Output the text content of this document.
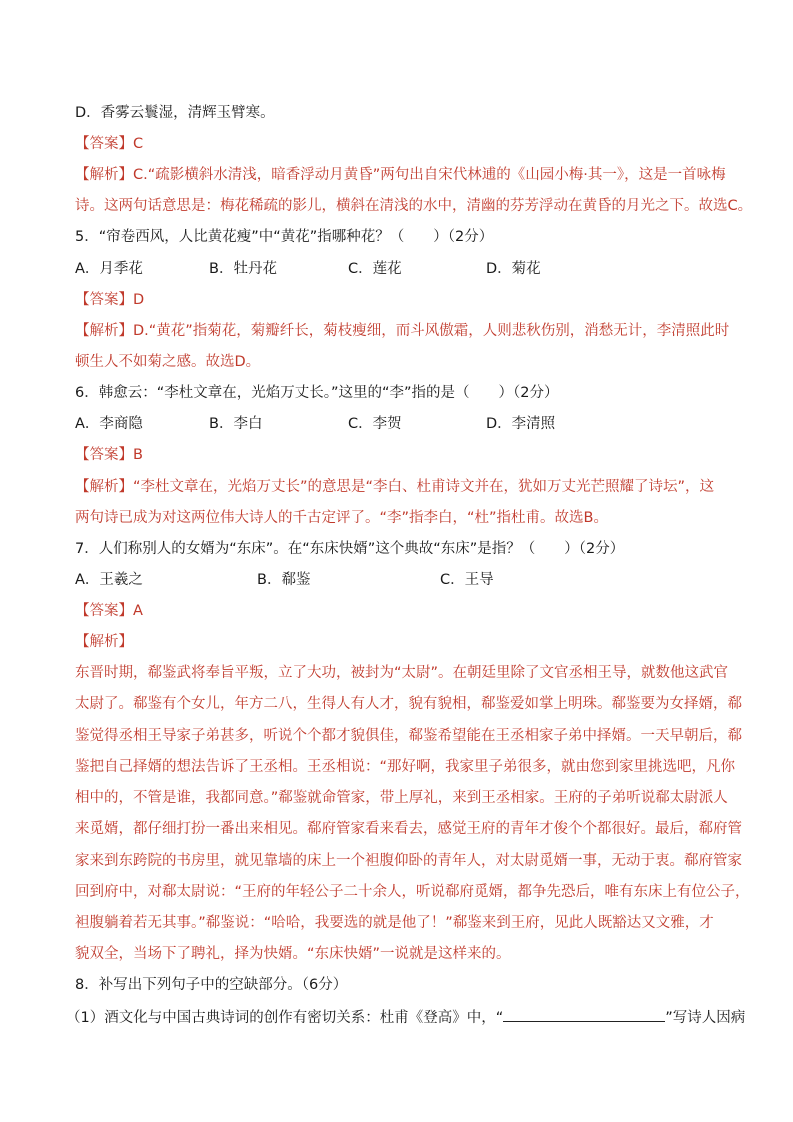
D．香雾云鬟湿，清辉玉臂寒。
【答案】C
【解析】C.“疏影横斜水清浅，暗香浮动月黄昏”两句出自宋代林逋的《山园小梅·其一》，这是一首咏梅
诗。这两句话意思是：梅花稀疏的影儿，横斜在清浅的水中，清幽的芬芳浮动在黄昏的月光之下。故选C。
5．“帘卷西风，人比黄花瘦”中“黄花”指哪种花？（　　）（2分）
A．月季花	B．牡丹花	C．莲花	D．菊花
【答案】D
【解析】D.“黄花”指菊花，菊瓣纤长，菊枝瘦细，而斗风傲霜，人则悲秋伤别，消愁无计，李清照此时
顿生人不如菊之感。故选D。
6．韩愈云：“李杜文章在，光焰万丈长。”这里的“李”指的是（　　）（2分）
A．李商隐	B．李白	C．李贺	D．李清照
【答案】B
【解析】“李杜文章在，光焰万丈长”的意思是“李白、杜甫诗文并在，犹如万丈光芒照耀了诗坛”，这
两句诗已成为对这两位伟大诗人的千古定评了。“李”指李白，“杜”指杜甫。故选B。
7．人们称别人的女婿为“东床”。在“东床快婿”这个典故“东床”是指？（　　）（2分）
A．王羲之	B．郗鉴	C．王导
【答案】A
【解析】
东晋时期，郗鉴武将奉旨平叛，立了大功，被封为“太尉”。在朝廷里除了文官丞相王导，就数他这武官
太尉了。郗鉴有个女儿，年方二八，生得人有人才，貌有貌相，郗鉴爱如掌上明珠。郗鉴要为女择婿，郗
鉴觉得丞相王导家子弟甚多，听说个个都才貌俱佳，郗鉴希望能在王丞相家子弟中择婿。一天早朝后，郗
鉴把自己择婿的想法告诉了王丞相。王丞相说：“那好啊，我家里子弟很多，就由您到家里挑选吧，凡你
相中的，不管是谁，我都同意。”郗鉴就命管家，带上厚礼，来到王丞相家。王府的子弟听说郗太尉派人
来觅婿，都仔细打扮一番出来相见。郗府管家看来看去，感觉王府的青年才俊个个都很好。最后，郗府管
家来到东跨院的书房里，就见靠墙的床上一个袒腹仰卧的青年人，对太尉觅婿一事，无动于衷。郗府管家
回到府中，对郗太尉说：“王府的年轻公子二十余人，听说郗府觅婿，都争先恐后，唯有东床上有位公子，
袒腹躺着若无其事。”郗鉴说：“哈哈，我要选的就是他了！”郗鉴来到王府，见此人既豁达又文雅，才
貌双全，当场下了聘礼，择为快婿。“东床快婿”一说就是这样来的。
8．补写出下列句子中的空缺部分。（6分）
（1）酒文化与中国古典诗词的创作有密切关系：杜甫《登高》中，“	”写诗人因病
